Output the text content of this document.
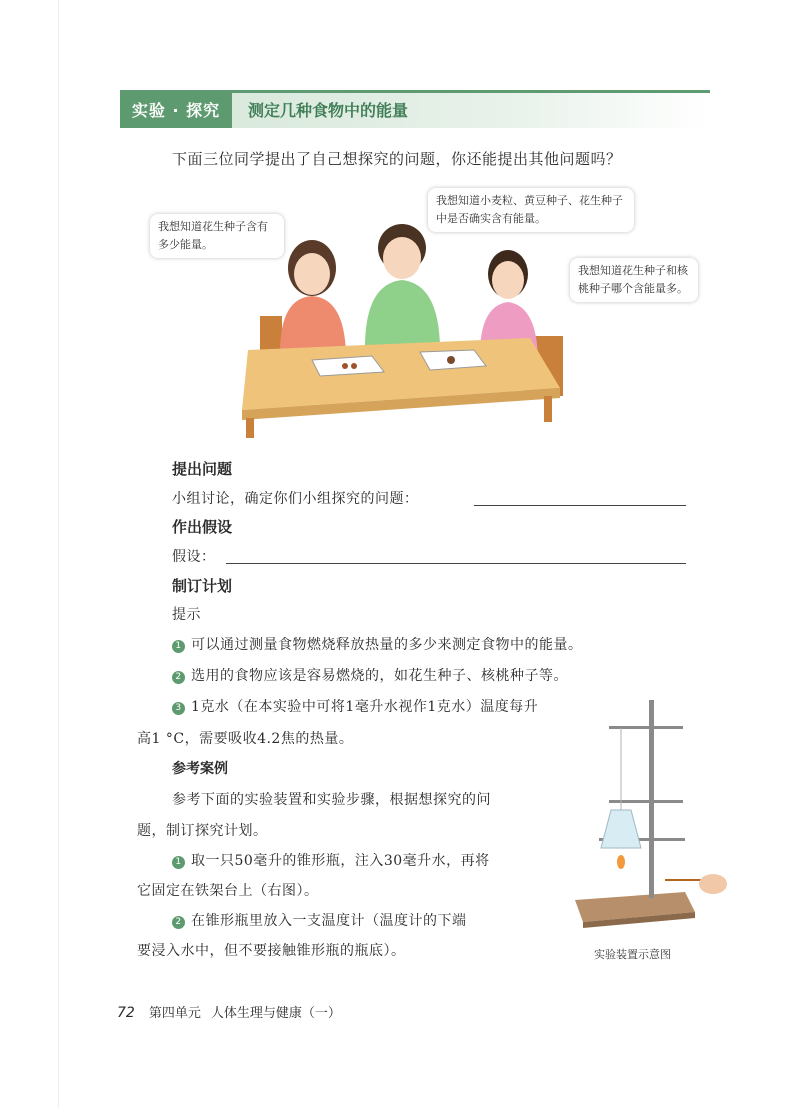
实验 · 探究	测定几种食物中的能量
下面三位同学提出了自己想探究的问题，你还能提出其他问题吗？
我想知道花生种子含有多少能量。
我想知道小麦粒、黄豆种子、花生种子中是否确实含有能量。
我想知道花生种子和核桃种子哪个含能量多。
提出问题
小组讨论，确定你们小组探究的问题：
作出假设
假设：
制订计划
提示
1 可以通过测量食物燃烧释放热量的多少来测定食物中的能量。
2 选用的食物应该是容易燃烧的，如花生种子、核桃种子等。
3 1克水（在本实验中可将1毫升水视作1克水）温度每升
高1 °C，需要吸收4.2焦的热量。
参考案例
参考下面的实验装置和实验步骤，根据想探究的问
题，制订探究计划。
1 取一只50毫升的锥形瓶，注入30毫升水，再将
它固定在铁架台上（右图）。
2 在锥形瓶里放入一支温度计（温度计的下端
要浸入水中，但不要接触锥形瓶的瓶底）。	实验装置示意图
72 第四单元 人体生理与健康（一）
